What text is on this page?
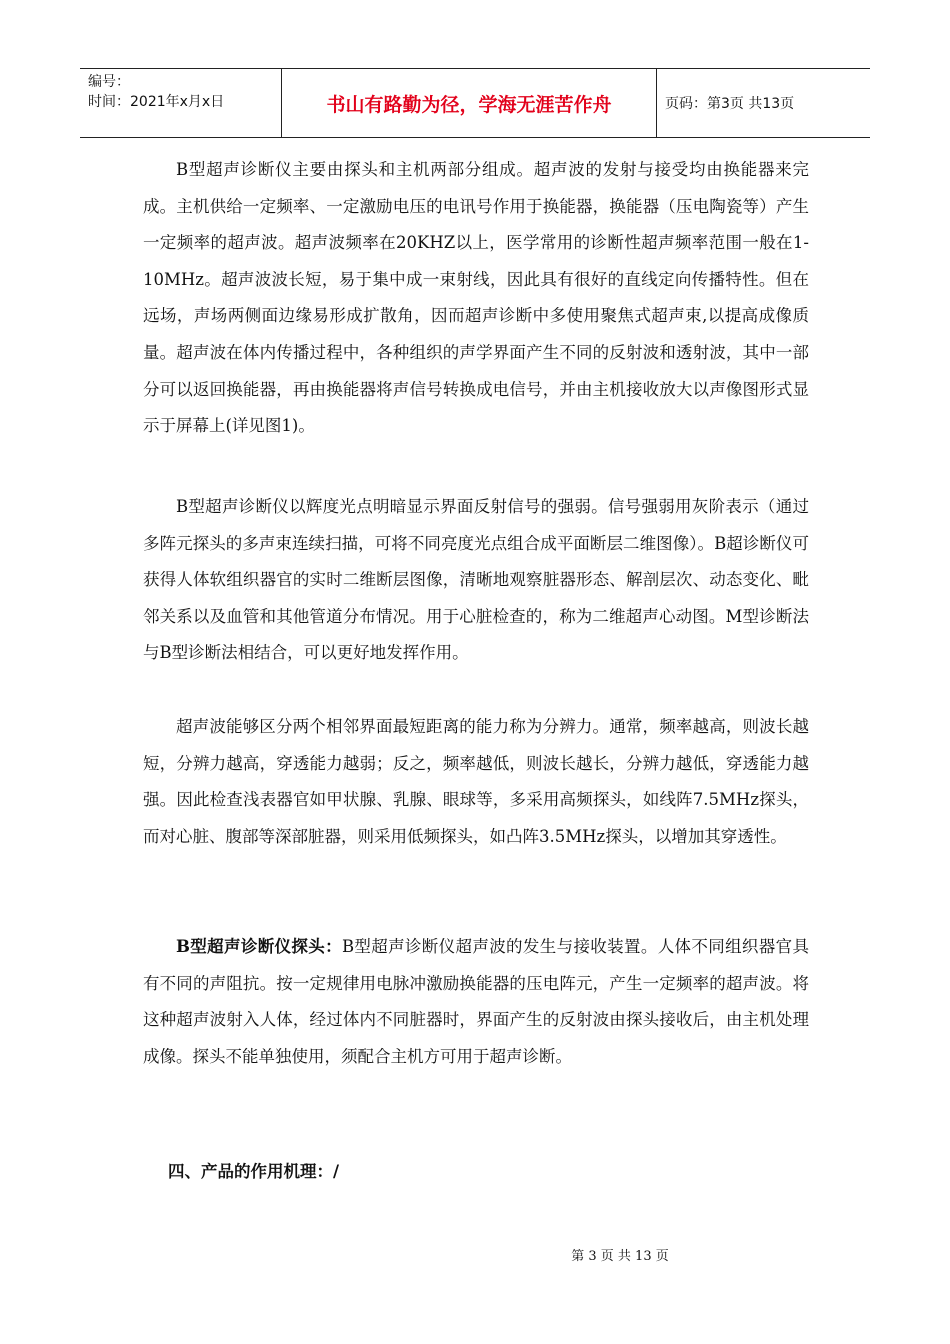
编号：
时间：2021年x月x日	书山有路勤为径，学海无涯苦作舟	页码：第3页 共13页

B型超声诊断仪主要由探头和主机两部分组成。超声波的发射与接受均由换能器来完成。主机供给一定频率、一定激励电压的电讯号作用于换能器，换能器（压电陶瓷等）产生一定频率的超声波。超声波频率在20KHZ以上，医学常用的诊断性超声频率范围一般在1-10MHz。超声波波长短，易于集中成一束射线，因此具有很好的直线定向传播特性。但在远场，声场两侧面边缘易形成扩散角，因而超声诊断中多使用聚焦式超声束,以提高成像质量。超声波在体内传播过程中，各种组织的声学界面产生不同的反射波和透射波，其中一部分可以返回换能器，再由换能器将声信号转换成电信号，并由主机接收放大以声像图形式显示于屏幕上(详见图1)。

B型超声诊断仪以辉度光点明暗显示界面反射信号的强弱。信号强弱用灰阶表示（通过多阵元探头的多声束连续扫描，可将不同亮度光点组合成平面断层二维图像）。B超诊断仪可获得人体软组织器官的实时二维断层图像，清晰地观察脏器形态、解剖层次、动态变化、毗邻关系以及血管和其他管道分布情况。用于心脏检查的，称为二维超声心动图。M型诊断法与B型诊断法相结合，可以更好地发挥作用。

超声波能够区分两个相邻界面最短距离的能力称为分辨力。通常，频率越高，则波长越短，分辨力越高，穿透能力越弱；反之，频率越低，则波长越长，分辨力越低，穿透能力越强。因此检查浅表器官如甲状腺、乳腺、眼球等，多采用高频探头，如线阵7.5MHz探头，而对心脏、腹部等深部脏器，则采用低频探头，如凸阵3.5MHz探头，以增加其穿透性。

B型超声诊断仪探头：B型超声诊断仪超声波的发生与接收装置。人体不同组织器官具有不同的声阻抗。按一定规律用电脉冲激励换能器的压电阵元，产生一定频率的超声波。将这种超声波射入人体，经过体内不同脏器时，界面产生的反射波由探头接收后，由主机处理成像。探头不能单独使用，须配合主机方可用于超声诊断。

四、产品的作用机理：/
第 3 页 共 13 页
